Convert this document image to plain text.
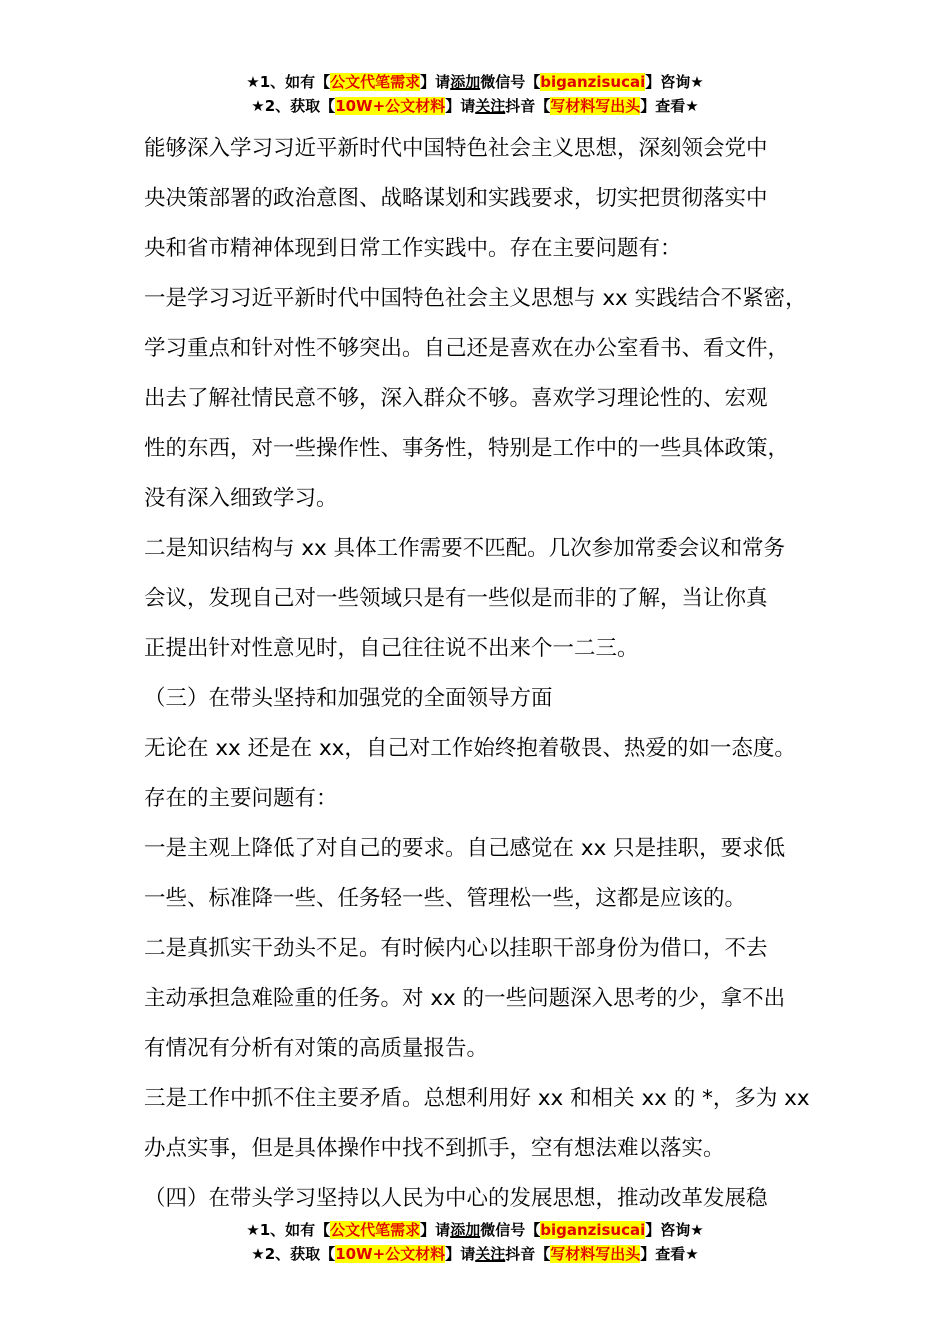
★1、如有【公文代笔需求】请添加微信号【biganzisucai】咨询★
★2、获取【10W+公文材料】请关注抖音【写材料写出头】查看★
能够深入学习习近平新时代中国特色社会主义思想，深刻领会党中
央决策部署的政治意图、战略谋划和实践要求，切实把贯彻落实中
央和省市精神体现到日常工作实践中。存在主要问题有：
一是学习习近平新时代中国特色社会主义思想与 xx 实践结合不紧密，
学习重点和针对性不够突出。自己还是喜欢在办公室看书、看文件，
出去了解社情民意不够，深入群众不够。喜欢学习理论性的、宏观
性的东西，对一些操作性、事务性，特别是工作中的一些具体政策，
没有深入细致学习。
二是知识结构与 xx 具体工作需要不匹配。几次参加常委会议和常务
会议，发现自己对一些领域只是有一些似是而非的了解，当让你真
正提出针对性意见时，自己往往说不出来个一二三。
（三）在带头坚持和加强党的全面领导方面
无论在 xx 还是在 xx，自己对工作始终抱着敬畏、热爱的如一态度。
存在的主要问题有：
一是主观上降低了对自己的要求。自己感觉在 xx 只是挂职，要求低
一些、标准降一些、任务轻一些、管理松一些，这都是应该的。
二是真抓实干劲头不足。有时候内心以挂职干部身份为借口，不去
主动承担急难险重的任务。对 xx 的一些问题深入思考的少，拿不出
有情况有分析有对策的高质量报告。
三是工作中抓不住主要矛盾。总想利用好 xx 和相关 xx 的 *，多为 xx
办点实事，但是具体操作中找不到抓手，空有想法难以落实。
（四）在带头学习坚持以人民为中心的发展思想，推动改革发展稳
★1、如有【公文代笔需求】请添加微信号【biganzisucai】咨询★
★2、获取【10W+公文材料】请关注抖音【写材料写出头】查看★
